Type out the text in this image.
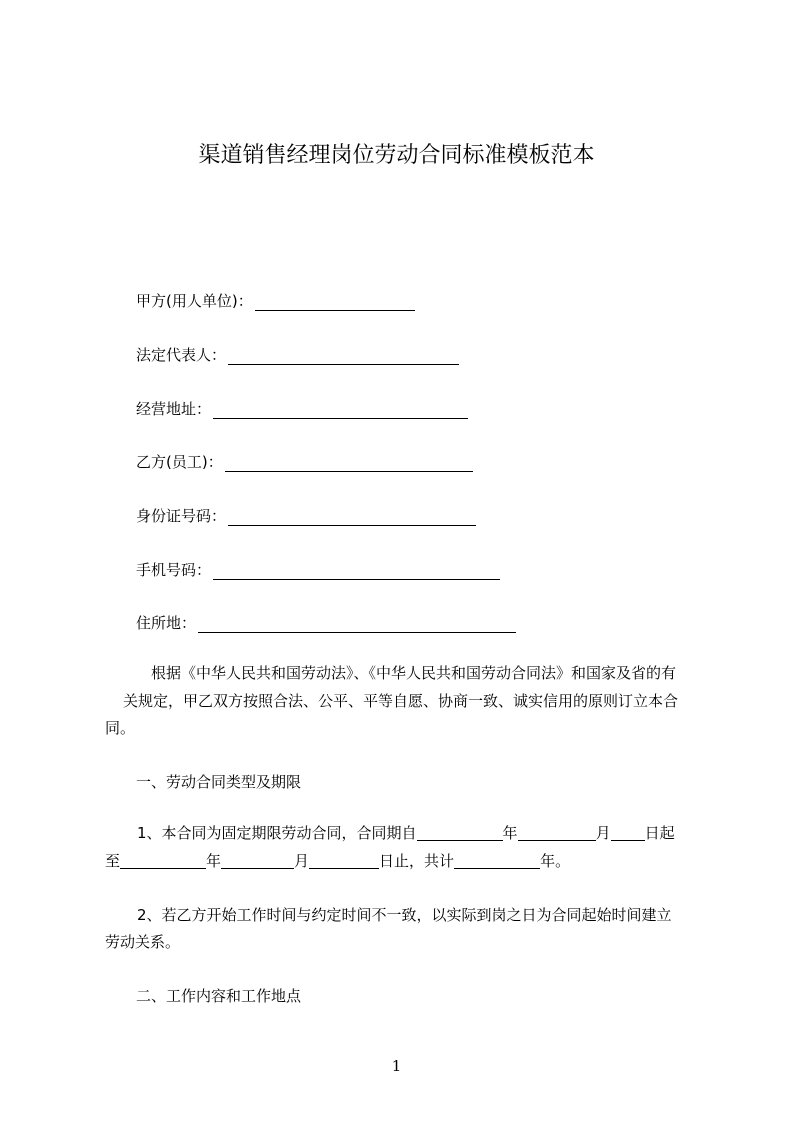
渠道销售经理岗位劳动合同标准模板范本
甲方(用人单位)：
法定代表人：
经营地址：
乙方(员工)：
身份证号码：
手机号码：
住所地：
根据《中华人民共和国劳动法》、《中华人民共和国劳动合同法》和国家及省的有
关规定，甲乙双方按照合法、公平、平等自愿、协商一致、诚实信用的原则订立本合
同。
一、劳动合同类型及期限
1、本合同为固定期限劳动合同，合同期自	年	月 日起
至	年	月	日止，共计	年。
2、若乙方开始工作时间与约定时间不一致，以实际到岗之日为合同起始时间建立
劳动关系。
二、工作内容和工作地点
1
